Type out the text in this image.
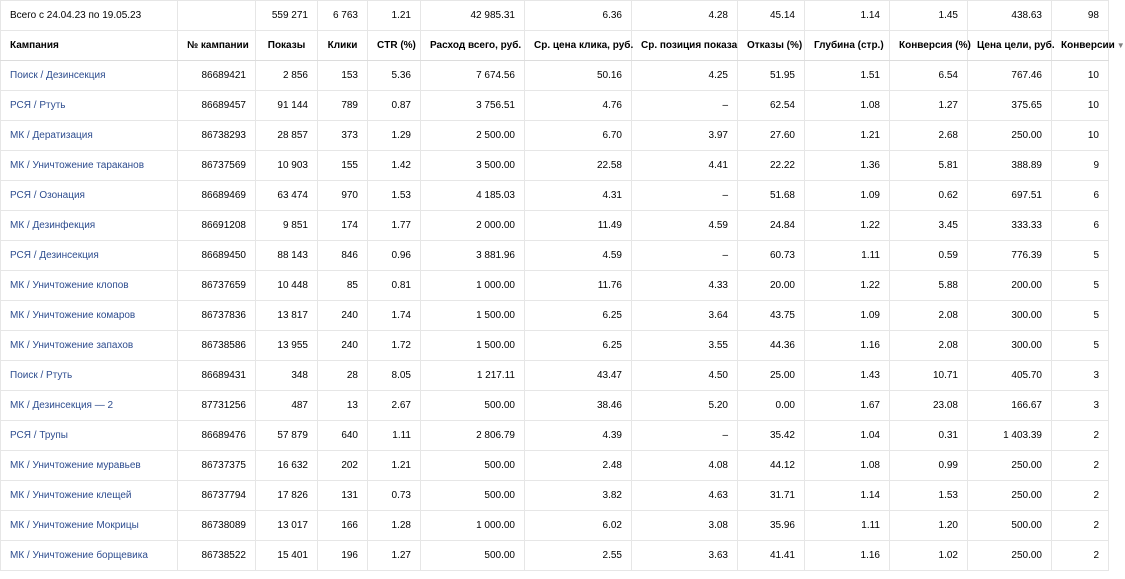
Всего с 24.04.23 по 19.05.23		559 271	6 763	1.21	42 985.31	6.36	4.28	45.14	1.14	1.45	438.63	98
Кампания	№ кампании	Показы	Клики	CTR (%)	Расход всего, руб.	Ср. цена клика, руб.	Ср. позиция показа	Отказы (%)	Глубина (стр.)	Конверсия (%)	Цена цели, руб.	Конверсии ▼
Поиск / Дезинсекция	86689421	2 856	153	5.36	7 674.56	50.16	4.25	51.95	1.51	6.54	767.46	10
РСЯ / Ртуть	86689457	91 144	789	0.87	3 756.51	4.76	–	62.54	1.08	1.27	375.65	10
МК / Дератизация	86738293	28 857	373	1.29	2 500.00	6.70	3.97	27.60	1.21	2.68	250.00	10
МК / Уничтожение тараканов	86737569	10 903	155	1.42	3 500.00	22.58	4.41	22.22	1.36	5.81	388.89	9
РСЯ / Озонация	86689469	63 474	970	1.53	4 185.03	4.31	–	51.68	1.09	0.62	697.51	6
МК / Дезинфекция	86691208	9 851	174	1.77	2 000.00	11.49	4.59	24.84	1.22	3.45	333.33	6
РСЯ / Дезинсекция	86689450	88 143	846	0.96	3 881.96	4.59	–	60.73	1.11	0.59	776.39	5
МК / Уничтожение клопов	86737659	10 448	85	0.81	1 000.00	11.76	4.33	20.00	1.22	5.88	200.00	5
МК / Уничтожение комаров	86737836	13 817	240	1.74	1 500.00	6.25	3.64	43.75	1.09	2.08	300.00	5
МК / Уничтожение запахов	86738586	13 955	240	1.72	1 500.00	6.25	3.55	44.36	1.16	2.08	300.00	5
Поиск / Ртуть	86689431	348	28	8.05	1 217.11	43.47	4.50	25.00	1.43	10.71	405.70	3
МК / Дезинсекция — 2	87731256	487	13	2.67	500.00	38.46	5.20	0.00	1.67	23.08	166.67	3
РСЯ / Трупы	86689476	57 879	640	1.11	2 806.79	4.39	–	35.42	1.04	0.31	1 403.39	2
МК / Уничтожение муравьев	86737375	16 632	202	1.21	500.00	2.48	4.08	44.12	1.08	0.99	250.00	2
МК / Уничтожение клещей	86737794	17 826	131	0.73	500.00	3.82	4.63	31.71	1.14	1.53	250.00	2
МК / Уничтожение Мокрицы	86738089	13 017	166	1.28	1 000.00	6.02	3.08	35.96	1.11	1.20	500.00	2
МК / Уничтожение борщевика	86738522	15 401	196	1.27	500.00	2.55	3.63	41.41	1.16	1.02	250.00	2
